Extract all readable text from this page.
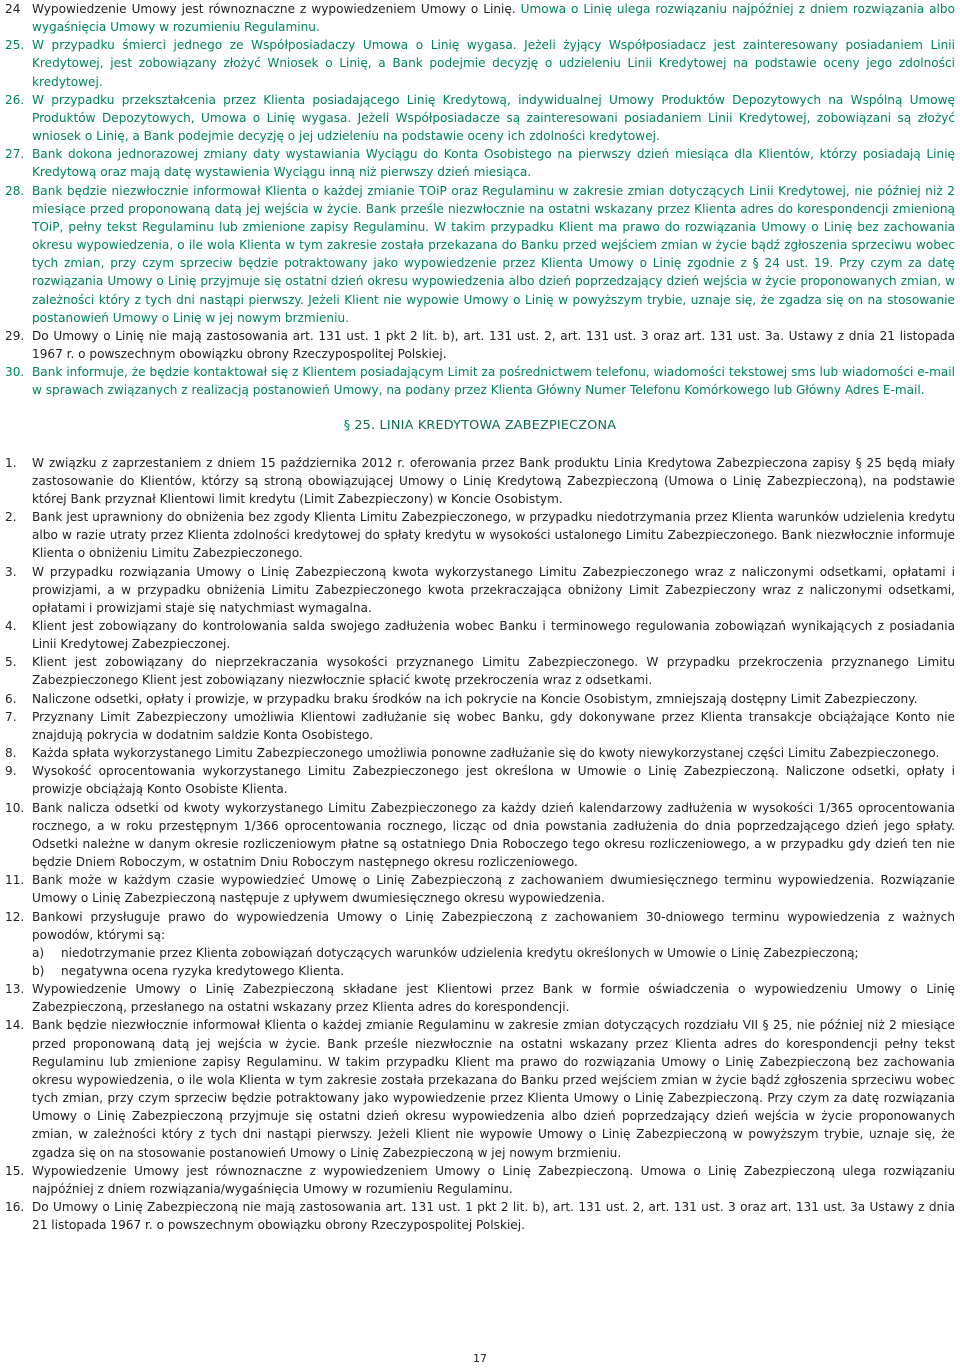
24 Wypowiedzenie Umowy jest równoznaczne z wypowiedzeniem Umowy o Linię. Umowa o Linię ulega rozwiązaniu najpóźniej z dniem rozwiązania albo wygaśnięcia Umowy w rozumieniu Regulaminu.
25. W przypadku śmierci jednego ze Współposiadaczy Umowa o Linię wygasa. Jeżeli żyjący Współposiadacz jest zainteresowany posiadaniem Linii Kredytowej, jest zobowiązany złożyć Wniosek o Linię, a Bank podejmie decyzję o udzieleniu Linii Kredytowej na podstawie oceny jego zdolności kredytowej.
26. W przypadku przekształcenia przez Klienta posiadającego Linię Kredytową, indywidualnej Umowy Produktów Depozytowych na Wspólną Umowę Produktów Depozytowych, Umowa o Linię wygasa. Jeżeli Współposiadacze są zainteresowani posiadaniem Linii Kredytowej, zobowiązani są złożyć wniosek o Linię, a Bank podejmie decyzję o jej udzieleniu na podstawie oceny ich zdolności kredytowej.
27. Bank dokona jednorazowej zmiany daty wystawiania Wyciągu do Konta Osobistego na pierwszy dzień miesiąca dla Klientów, którzy posiadają Linię Kredytową oraz mają datę wystawienia Wyciągu inną niż pierwszy dzień miesiąca.
28. Bank będzie niezwłocznie informował Klienta o każdej zmianie TOiP oraz Regulaminu w zakresie zmian dotyczących Linii Kredytowej, nie później niż 2 miesiące przed proponowaną datą jej wejścia w życie. Bank prześle niezwłocznie na ostatni wskazany przez Klienta adres do korespondencji zmienioną TOiP, pełny tekst Regulaminu lub zmienione zapisy Regulaminu. W takim przypadku Klient ma prawo do rozwiązania Umowy o Linię bez zachowania okresu wypowiedzenia, o ile wola Klienta w tym zakresie została przekazana do Banku przed wejściem zmian w życie bądź zgłoszenia sprzeciwu wobec tych zmian, przy czym sprzeciw będzie potraktowany jako wypowiedzenie przez Klienta Umowy o Linię zgodnie z § 24 ust. 19. Przy czym za datę rozwiązania Umowy o Linię przyjmuje się ostatni dzień okresu wypowiedzenia albo dzień poprzedzający dzień wejścia w życie proponowanych zmian, w zależności który z tych dni nastąpi pierwszy. Jeżeli Klient nie wypowie Umowy o Linię w powyższym trybie, uznaje się, że zgadza się on na stosowanie postanowień Umowy o Linię w jej nowym brzmieniu.
29. Do Umowy o Linię nie mają zastosowania art. 131 ust. 1 pkt 2 lit. b), art. 131 ust. 2, art. 131 ust. 3 oraz art. 131 ust. 3a. Ustawy z dnia 21 listopada 1967 r. o powszechnym obowiązku obrony Rzeczypospolitej Polskiej.
30. Bank informuje, że będzie kontaktował się z Klientem posiadającym Limit za pośrednictwem telefonu, wiadomości tekstowej sms lub wiadomości e-mail w sprawach związanych z realizacją postanowień Umowy, na podany przez Klienta Główny Numer Telefonu Komórkowego lub Główny Adres E-mail.
§ 25. LINIA KREDYTOWA ZABEZPIECZONA
1. W związku z zaprzestaniem z dniem 15 października 2012 r. oferowania przez Bank produktu Linia Kredytowa Zabezpieczona zapisy § 25 będą miały zastosowanie do Klientów, którzy są stroną obowiązującej Umowy o Linię Kredytową Zabezpieczoną (Umowa o Linię Zabezpieczoną), na podstawie której Bank przyznał Klientowi limit kredytu (Limit Zabezpieczony) w Koncie Osobistym.
2. Bank jest uprawniony do obniżenia bez zgody Klienta Limitu Zabezpieczonego, w przypadku niedotrzymania przez Klienta warunków udzielenia kredytu albo w razie utraty przez Klienta zdolności kredytowej do spłaty kredytu w wysokości ustalonego Limitu Zabezpieczonego. Bank niezwłocznie informuje Klienta o obniżeniu Limitu Zabezpieczonego.
3. W przypadku rozwiązania Umowy o Linię Zabezpieczoną kwota wykorzystanego Limitu Zabezpieczonego wraz z naliczonymi odsetkami, opłatami i prowizjami, a w przypadku obniżenia Limitu Zabezpieczonego kwota przekraczająca obniżony Limit Zabezpieczony wraz z naliczonymi odsetkami, opłatami i prowizjami staje się natychmiast wymagalna.
4. Klient jest zobowiązany do kontrolowania salda swojego zadłużenia wobec Banku i terminowego regulowania zobowiązań wynikających z posiadania Linii Kredytowej Zabezpieczonej.
5. Klient jest zobowiązany do nieprzekraczania wysokości przyznanego Limitu Zabezpieczonego. W przypadku przekroczenia przyznanego Limitu Zabezpieczonego Klient jest zobowiązany niezwłocznie spłacić kwotę przekroczenia wraz z odsetkami.
6. Naliczone odsetki, opłaty i prowizje, w przypadku braku środków na ich pokrycie na Koncie Osobistym, zmniejszają dostępny Limit Zabezpieczony.
7. Przyznany Limit Zabezpieczony umożliwia Klientowi zadłużanie się wobec Banku, gdy dokonywane przez Klienta transakcje obciążające Konto nie znajdują pokrycia w dodatnim saldzie Konta Osobistego.
8. Każda spłata wykorzystanego Limitu Zabezpieczonego umożliwia ponowne zadłużanie się do kwoty niewykorzystanej części Limitu Zabezpieczonego.
9. Wysokość oprocentowania wykorzystanego Limitu Zabezpieczonego jest określona w Umowie o Linię Zabezpieczoną. Naliczone odsetki, opłaty i prowizje obciążają Konto Osobiste Klienta.
10. Bank nalicza odsetki od kwoty wykorzystanego Limitu Zabezpieczonego za każdy dzień kalendarzowy zadłużenia w wysokości 1/365 oprocentowania rocznego, a w roku przestępnym 1/366 oprocentowania rocznego, licząc od dnia powstania zadłużenia do dnia poprzedzającego dzień jego spłaty. Odsetki należne w danym okresie rozliczeniowym płatne są ostatniego Dnia Roboczego tego okresu rozliczeniowego, a w przypadku gdy dzień ten nie będzie Dniem Roboczym, w ostatnim Dniu Roboczym następnego okresu rozliczeniowego.
11. Bank może w każdym czasie wypowiedzieć Umowę o Linię Zabezpieczoną z zachowaniem dwumiesięcznego terminu wypowiedzenia. Rozwiązanie Umowy o Linię Zabezpieczoną następuje z upływem dwumiesięcznego okresu wypowiedzenia.
12. Bankowi przysługuje prawo do wypowiedzenia Umowy o Linię Zabezpieczoną z zachowaniem 30-dniowego terminu wypowiedzenia z ważnych powodów, którymi są:
a) niedotrzymanie przez Klienta zobowiązań dotyczących warunków udzielenia kredytu określonych w Umowie o Linię Zabezpieczoną;
b) negatywna ocena ryzyka kredytowego Klienta.
13. Wypowiedzenie Umowy o Linię Zabezpieczoną składane jest Klientowi przez Bank w formie oświadczenia o wypowiedzeniu Umowy o Linię Zabezpieczoną, przesłanego na ostatni wskazany przez Klienta adres do korespondencji.
14. Bank będzie niezwłocznie informował Klienta o każdej zmianie Regulaminu w zakresie zmian dotyczących rozdziału VII § 25, nie później niż 2 miesiące przed proponowaną datą jej wejścia w życie. Bank prześle niezwłocznie na ostatni wskazany przez Klienta adres do korespondencji pełny tekst Regulaminu lub zmienione zapisy Regulaminu. W takim przypadku Klient ma prawo do rozwiązania Umowy o Linię Zabezpieczoną bez zachowania okresu wypowiedzenia, o ile wola Klienta w tym zakresie została przekazana do Banku przed wejściem zmian w życie bądź zgłoszenia sprzeciwu wobec tych zmian, przy czym sprzeciw będzie potraktowany jako wypowiedzenie przez Klienta Umowy o Linię Zabezpieczoną. Przy czym za datę rozwiązania Umowy o Linię Zabezpieczoną przyjmuje się ostatni dzień okresu wypowiedzenia albo dzień poprzedzający dzień wejścia w życie proponowanych zmian, w zależności który z tych dni nastąpi pierwszy. Jeżeli Klient nie wypowie Umowy o Linię Zabezpieczoną w powyższym trybie, uznaje się, że zgadza się on na stosowanie postanowień Umowy o Linię Zabezpieczoną w jej nowym brzmieniu.
15. Wypowiedzenie Umowy jest równoznaczne z wypowiedzeniem Umowy o Linię Zabezpieczoną. Umowa o Linię Zabezpieczoną ulega rozwiązaniu najpóźniej z dniem rozwiązania/wygaśnięcia Umowy w rozumieniu Regulaminu.
16. Do Umowy o Linię Zabezpieczoną nie mają zastosowania art. 131 ust. 1 pkt 2 lit. b), art. 131 ust. 2, art. 131 ust. 3 oraz art. 131 ust. 3a Ustawy z dnia 21 listopada 1967 r. o powszechnym obowiązku obrony Rzeczypospolitej Polskiej.
17
